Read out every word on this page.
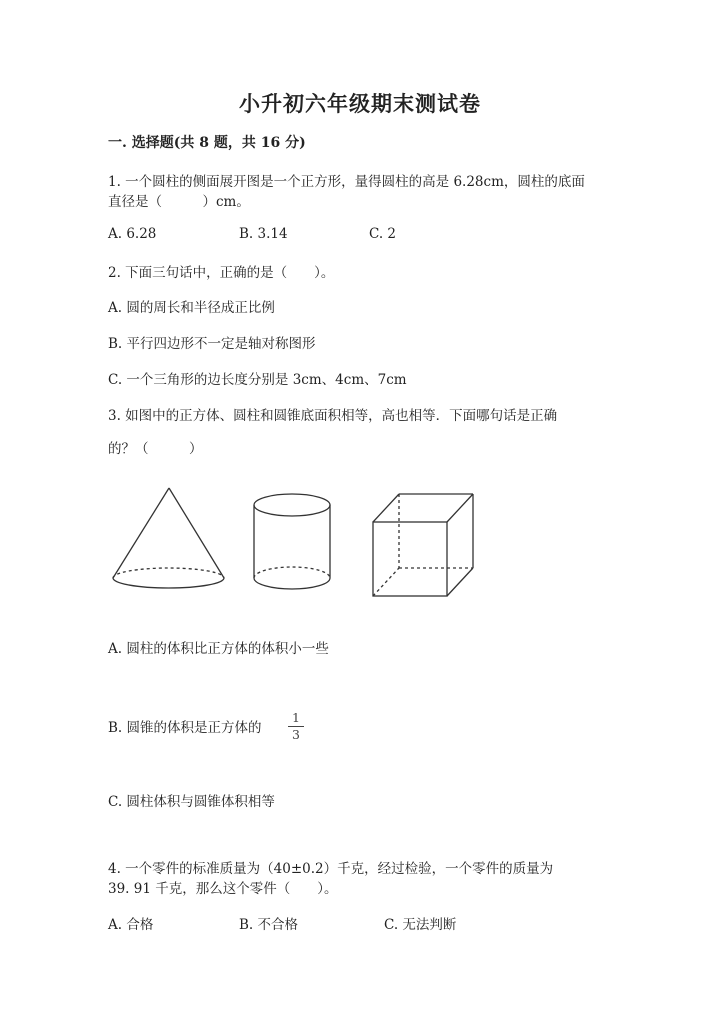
小升初六年级期末测试卷
一. 选择题(共 8 题，共 16 分)
1. 一个圆柱的侧面展开图是一个正方形，量得圆柱的高是 6.28cm，圆柱的底面
直径是（　　　）cm。
A. 6.28	B. 3.14	C. 2
2. 下面三句话中，正确的是（　　）。
A. 圆的周长和半径成正比例
B. 平行四边形不一定是轴对称图形
C. 一个三角形的边长度分别是 3cm、4cm、7cm
3. 如图中的正方体、圆柱和圆锥底面积相等，高也相等．下面哪句话是正确
的？（　　　）
A. 圆柱的体积比正方体的体积小一些
B. 圆锥的体积是正方体的
1
3
C. 圆柱体积与圆锥体积相等
4. 一个零件的标准质量为（40±0.2）千克，经过检验，一个零件的质量为
39. 91 千克，那么这个零件（　　）。
A. 合格	B. 不合格	C. 无法判断
